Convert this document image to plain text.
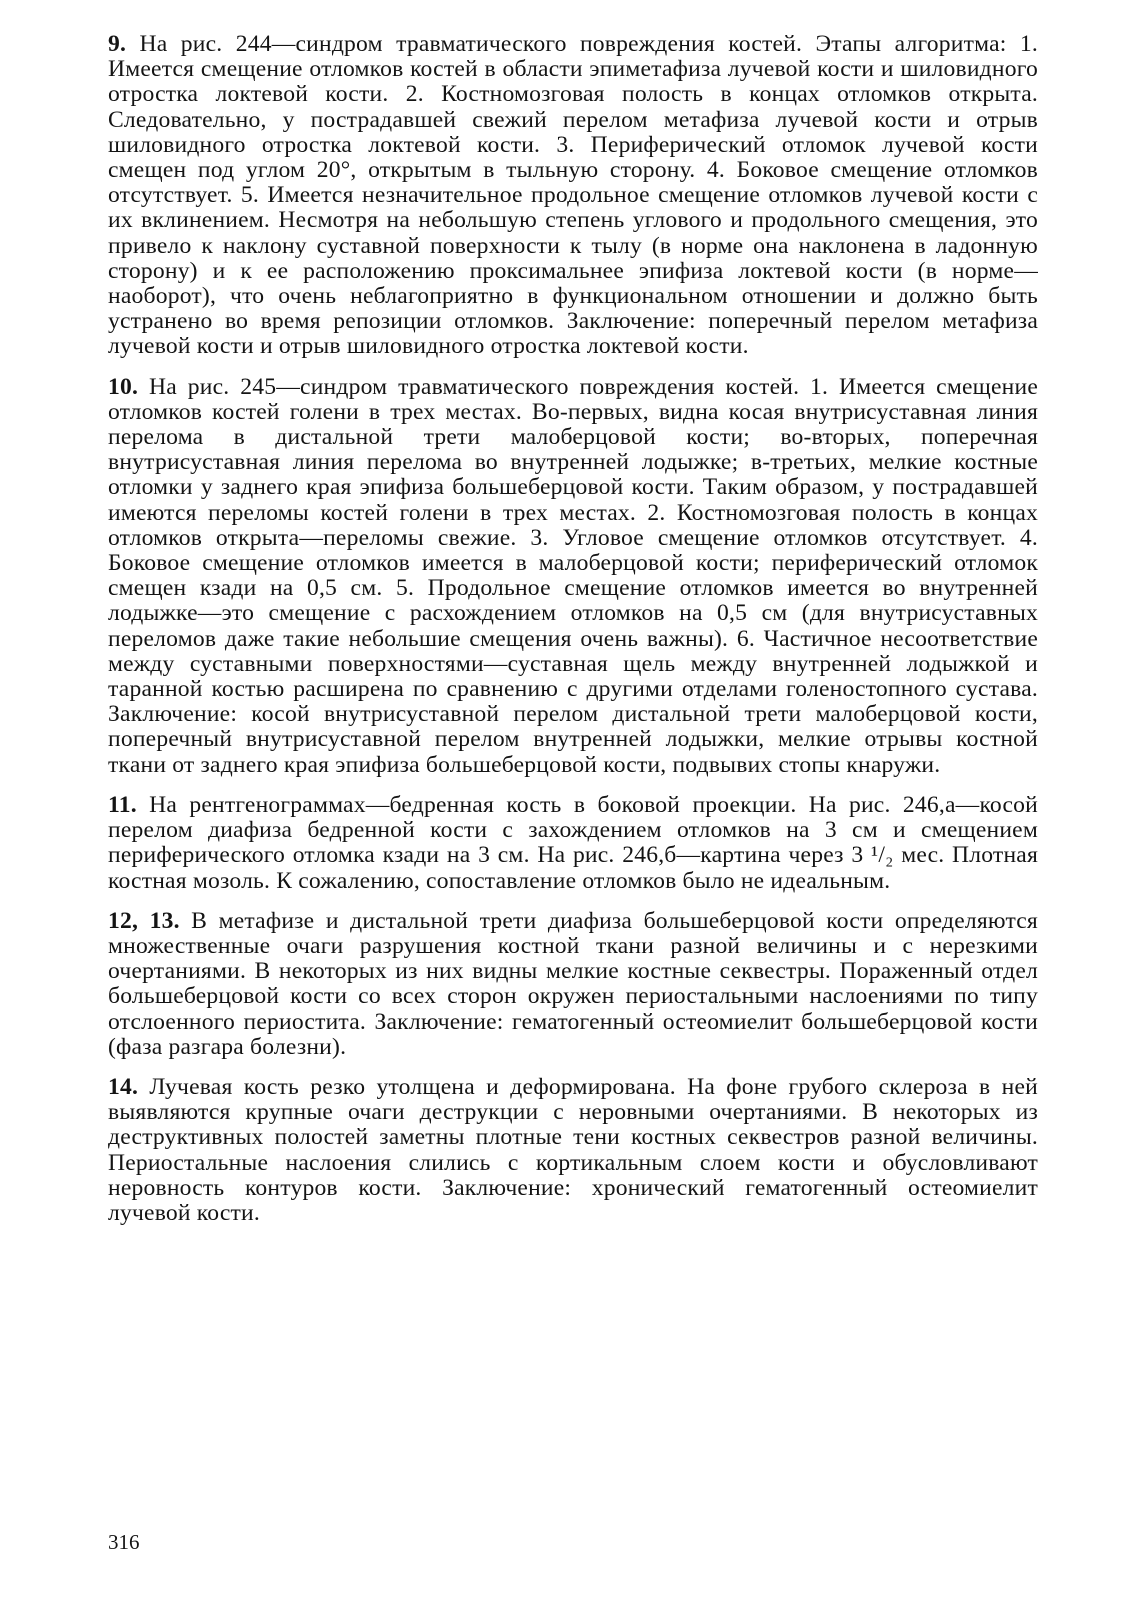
9. На рис. 244—синдром травматического повреждения костей. Этапы алгоритма: 1. Имеется смещение отломков костей в области эпиметафиза лучевой кости и шиловидного отростка локтевой кости. 2. Костномозговая полость в концах отломков открыта. Следовательно, у пострадавшей свежий перелом метафиза лучевой кости и отрыв шиловидного отростка локтевой кости. 3. Периферический отломок лучевой кости смещен под углом 20°, открытым в тыльную сторону. 4. Боковое смещение отломков отсутствует. 5. Имеется незначительное продольное смещение отломков лучевой кости с их вклинением. Несмотря на небольшую степень углового и продольного смещения, это привело к наклону суставной поверхности к тылу (в норме она наклонена в ладонную сторону) и к ее расположению проксимальнее эпифиза локтевой кости (в норме—наоборот), что очень неблагоприятно в функциональном отношении и должно быть устранено во время репозиции отломков. Заключение: поперечный перелом метафиза лучевой кости и отрыв шиловидного отростка локтевой кости.

10. На рис. 245—синдром травматического повреждения костей. 1. Имеется смещение отломков костей голени в трех местах. Во-первых, видна косая внутрисуставная линия перелома в дистальной трети малоберцовой кости; во-вторых, поперечная внутрисуставная линия перелома во внутренней лодыжке; в-третьих, мелкие костные отломки у заднего края эпифиза большеберцовой кости. Таким образом, у пострадавшей имеются переломы костей голени в трех местах. 2. Костномозговая полость в концах отломков открыта—переломы свежие. 3. Угловое смещение отломков отсутствует. 4. Боковое смещение отломков имеется в малоберцовой кости; периферический отломок смещен кзади на 0,5 см. 5. Продольное смещение отломков имеется во внутренней лодыжке—это смещение с расхождением отломков на 0,5 см (для внутрисуставных переломов даже такие небольшие смещения очень важны). 6. Частичное несоответствие между суставными поверхностями—суставная щель между внутренней лодыжкой и таранной костью расширена по сравнению с другими отделами голеностопного сустава. Заключение: косой внутрисуставной перелом дистальной трети малоберцовой кости, поперечный внутрисуставной перелом внутренней лодыжки, мелкие отрывы костной ткани от заднего края эпифиза большеберцовой кости, подвывих стопы кнаружи.

11. На рентгенограммах—бедренная кость в боковой проекции. На рис. 246,а—косой перелом диафиза бедренной кости с захождением отломков на 3 см и смещением периферического отломка кзади на 3 см. На рис. 246,б—картина через 3 ¹/₂ мес. Плотная костная мозоль. К сожалению, сопоставление отломков было не идеальным.

12, 13. В метафизе и дистальной трети диафиза большеберцовой кости определяются множественные очаги разрушения костной ткани разной величины и с нерезкими очертаниями. В некоторых из них видны мелкие костные секвестры. Пораженный отдел большеберцовой кости со всех сторон окружен периостальными наслоениями по типу отслоенного периостита. Заключение: гематогенный остеомиелит большеберцовой кости (фаза разгара болезни).

14. Лучевая кость резко утолщена и деформирована. На фоне грубого склероза в ней выявляются крупные очаги деструкции с неровными очертаниями. В некоторых из деструктивных полостей заметны плотные тени костных секвестров разной величины. Периостальные наслоения слились с кортикальным слоем кости и обусловливают неровность контуров кости. Заключение: хронический гематогенный остеомиелит лучевой кости.

316
